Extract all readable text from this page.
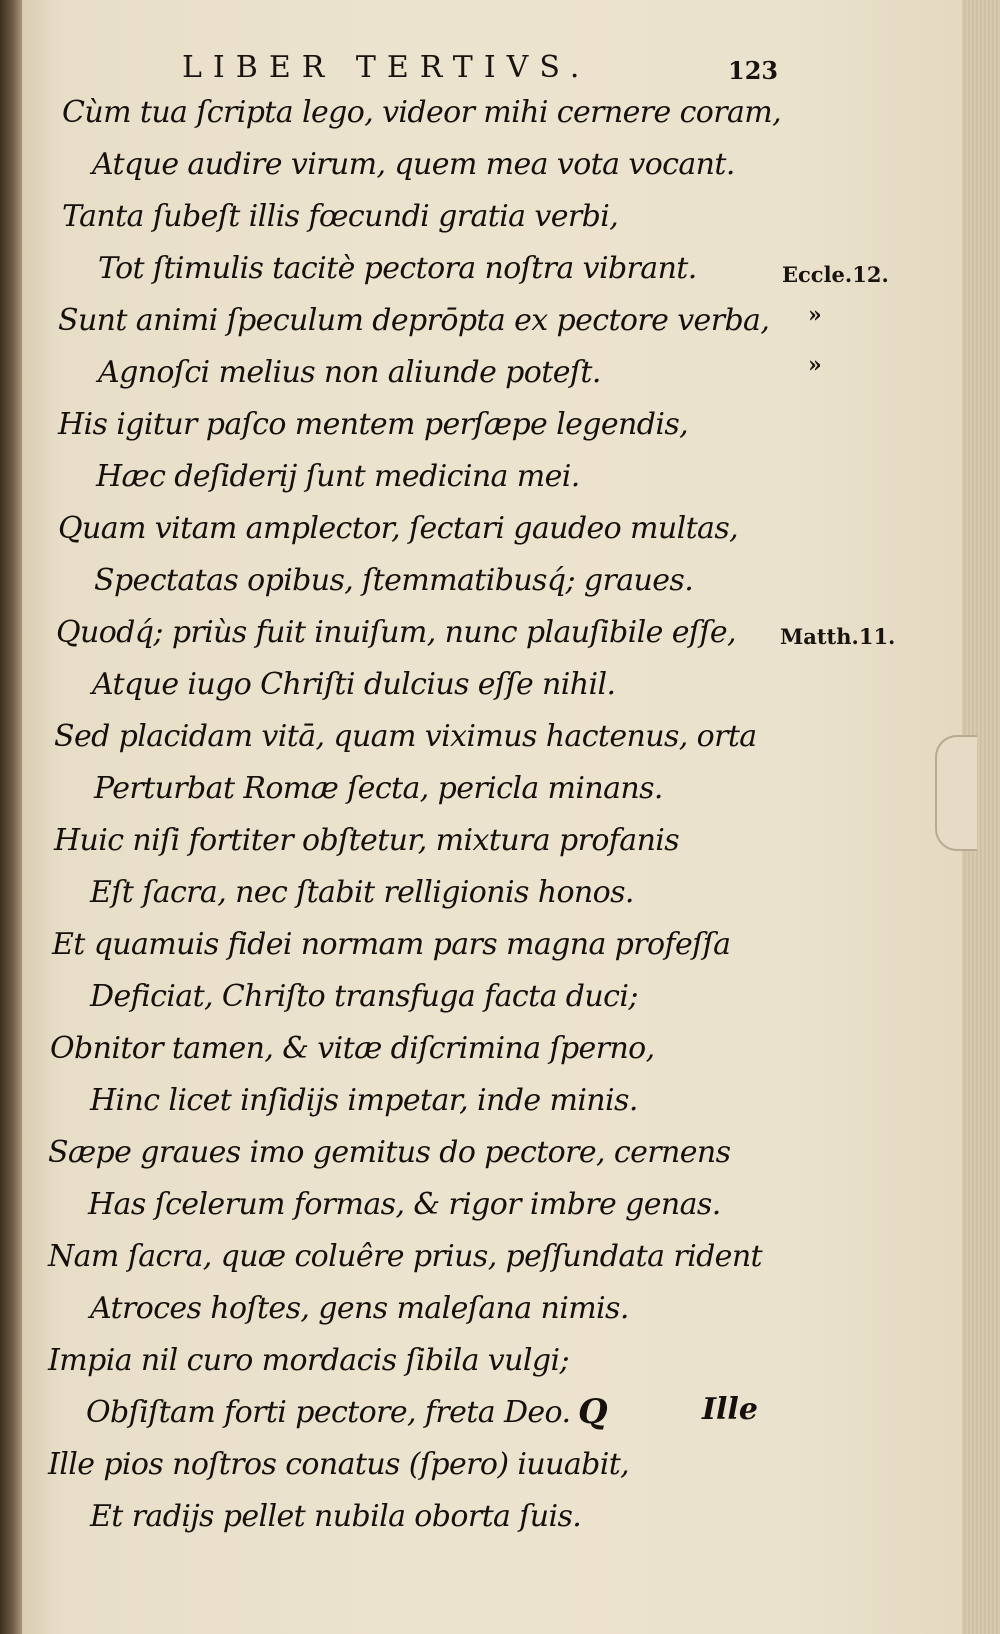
LIBER TERTIVS.	123
Cùm tua ſcripta lego, videor mihi cernere coram,
Atque audire virum, quem mea vota vocant.
Tanta ſubeſt illis fœcundi gratia verbi,
Tot ſtimulis tacitè pectora noſtra vibrant.
Sunt animi ſpeculum deprōpta ex pectore verba,
Agnoſci melius non aliunde poteſt.
His igitur paſco mentem perſæpe legendis,
Hæc deſiderij ſunt medicina mei.
Quam vitam amplector, ſectari gaudeo multas,
Spectatas opibus, ſtemmatibusq́; graues.
Quodq́; priùs fuit inuiſum, nunc plauſibile eſſe,
Atque iugo Chriſti dulcius eſſe nihil.
Sed placidam vitā, quam viximus hactenus, orta
Perturbat Romæ ſecta, pericla minans.
Huic niſi fortiter obſtetur, mixtura profanis
Eſt ſacra, nec ſtabit relligionis honos.
Et quamuis fidei normam pars magna profeſſa
Deficiat, Chriſto transfuga facta duci;
Obnitor tamen, & vitæ diſcrimina ſperno,
Hinc licet inſidijs impetar, inde minis.
Sæpe graues imo gemitus do pectore, cernens
Has ſcelerum formas, & rigor imbre genas.
Nam ſacra, quæ coluêre prius, peſſundata rident
Atroces hoſtes, gens maleſana nimis.
Impia nil curo mordacis ſibila vulgi;
Obſiſtam forti pectore, freta Deo.
Ille pios noſtros conatus (ſpero) iuuabit,
Et radijs pellet nubila oborta ſuis.
Eccle.12.
»
»
Matth.11.
Q	Ille
